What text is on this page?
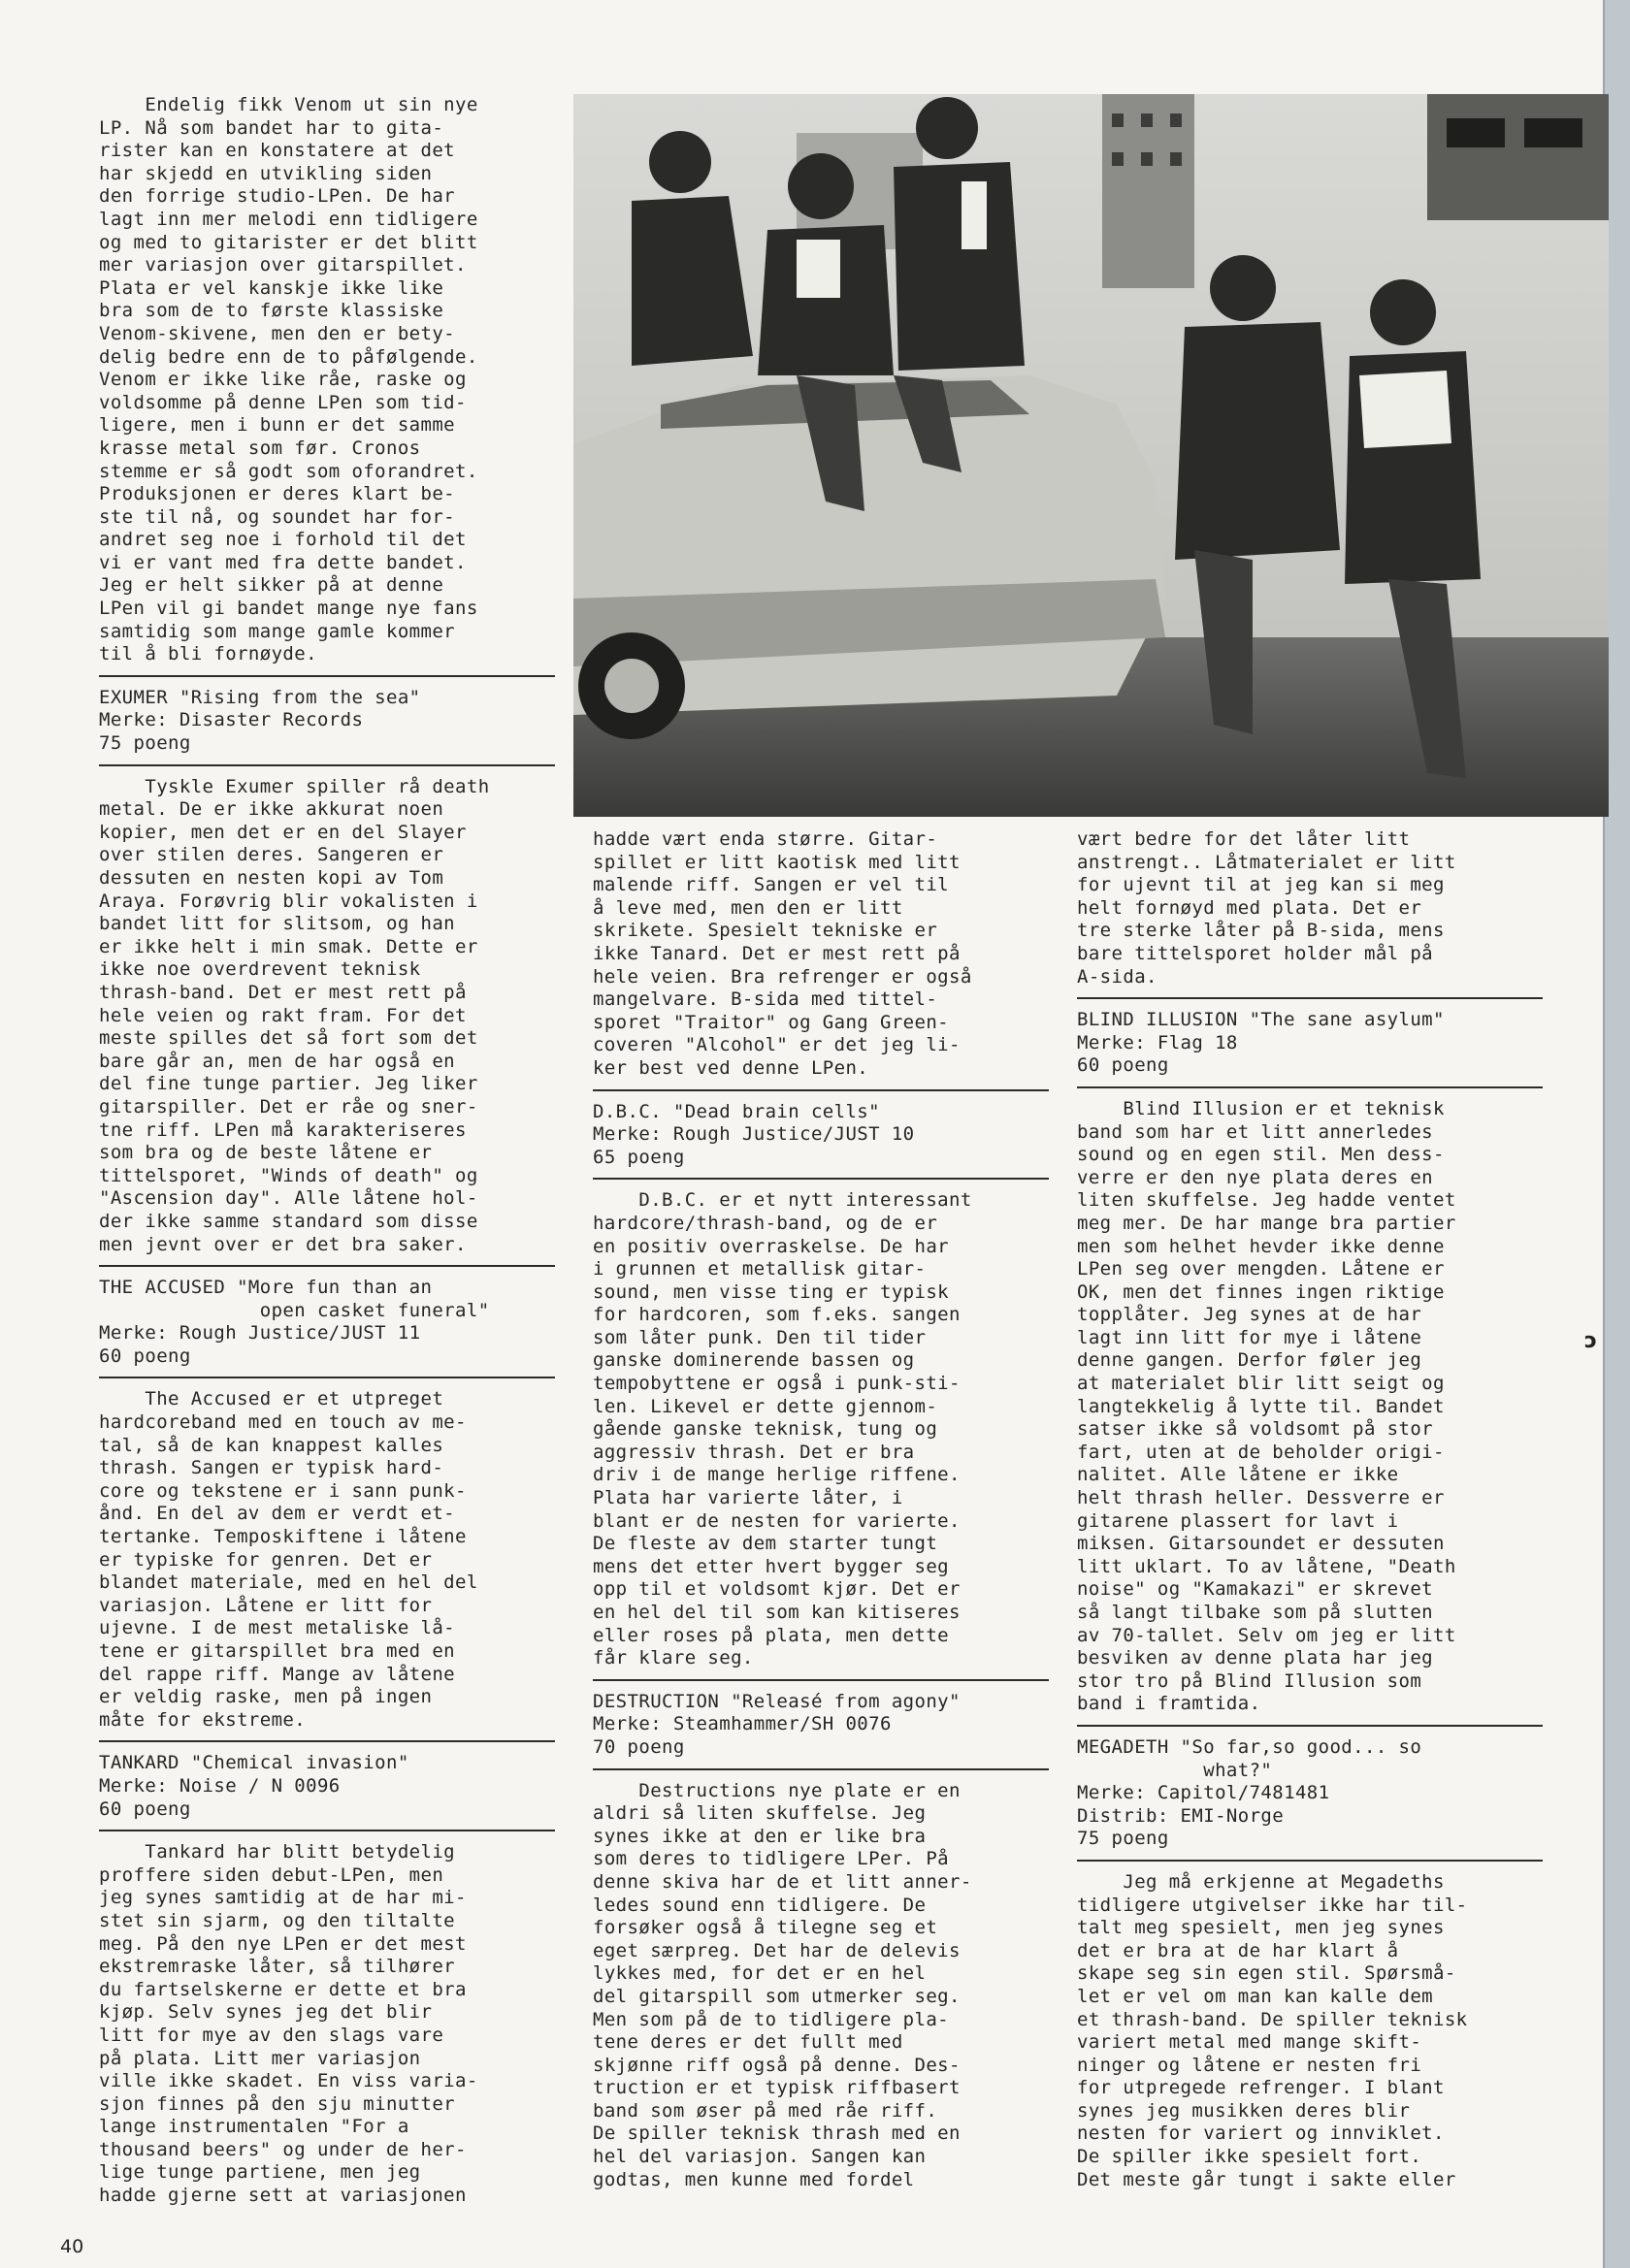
Endelig fikk Venom ut sin nye
LP. Nå som bandet har to gita-
rister kan en konstatere at det
har skjedd en utvikling siden
den forrige studio-LPen. De har
lagt inn mer melodi enn tidligere
og med to gitarister er det blitt
mer variasjon over gitarspillet.
Plata er vel kanskje ikke like
bra som de to første klassiske
Venom-skivene, men den er bety-
delig bedre enn de to påfølgende.
Venom er ikke like råe, raske og
voldsomme på denne LPen som tid-
ligere, men i bunn er det samme
krasse metal som før. Cronos
stemme er så godt som oforandret.
Produksjonen er deres klart be-
ste til nå, og soundet har for-
andret seg noe i forhold til det
vi er vant med fra dette bandet.
Jeg er helt sikker på at denne
LPen vil gi bandet mange nye fans
samtidig som mange gamle kommer
til å bli fornøyde.

EXUMER "Rising from the sea"
Merke: Disaster Records
75 poeng

Tyskle Exumer spiller rå death
metal. De er ikke akkurat noen
kopier, men det er en del Slayer
over stilen deres. Sangeren er
dessuten en nesten kopi av Tom
Araya. Forøvrig blir vokalisten i
bandet litt for slitsom, og han
er ikke helt i min smak. Dette er
ikke noe overdrevent teknisk
thrash-band. Det er mest rett på
hele veien og rakt fram. For det
meste spilles det så fort som det
bare går an, men de har også en
del fine tunge partier. Jeg liker
gitarspiller. Det er råe og sner-
tne riff. LPen må karakteriseres
som bra og de beste låtene er
tittelsporet, "Winds of death" og
"Ascension day". Alle låtene hol-
der ikke samme standard som disse
men jevnt over er det bra saker.

THE ACCUSED "More fun than an
open casket funeral"
Merke: Rough Justice/JUST 11
60 poeng

The Accused er et utpreget
hardcoreband med en touch av me-
tal, så de kan knappest kalles
thrash. Sangen er typisk hard-
core og tekstene er i sann punk-
ånd. En del av dem er verdt et-
tertanke. Temposkiftene i låtene
er typiske for genren. Det er
blandet materiale, med en hel del
variasjon. Låtene er litt for
ujevne. I de mest metaliske lå-
tene er gitarspillet bra med en
del rappe riff. Mange av låtene
er veldig raske, men på ingen
måte for ekstreme.

TANKARD "Chemical invasion"
Merke: Noise / N 0096
60 poeng

Tankard har blitt betydelig
proffere siden debut-LPen, men
jeg synes samtidig at de har mi-
stet sin sjarm, og den tiltalte
meg. På den nye LPen er det mest
ekstremraske låter, så tilhører
du fartselskerne er dette et bra
kjøp. Selv synes jeg det blir
litt for mye av den slags vare
på plata. Litt mer variasjon
ville ikke skadet. En viss varia-
sjon finnes på den sju minutter
lange instrumentalen "For a
thousand beers" og under de her-
lige tunge partiene, men jeg
hadde gjerne sett at variasjonen

hadde vært enda større. Gitar-
spillet er litt kaotisk med litt
malende riff. Sangen er vel til
å leve med, men den er litt
skrikete. Spesielt tekniske er
ikke Tanard. Det er mest rett på
hele veien. Bra refrenger er også
mangelvare. B-sida med tittel-
sporet "Traitor" og Gang Green-
coveren "Alcohol" er det jeg li-
ker best ved denne LPen.

D.B.C. "Dead brain cells"
Merke: Rough Justice/JUST 10
65 poeng

D.B.C. er et nytt interessant
hardcore/thrash-band, og de er
en positiv overraskelse. De har
i grunnen et metallisk gitar-
sound, men visse ting er typisk
for hardcoren, som f.eks. sangen
som låter punk. Den til tider
ganske dominerende bassen og
tempobyttene er også i punk-sti-
len. Likevel er dette gjennom-
gående ganske teknisk, tung og
aggressiv thrash. Det er bra
driv i de mange herlige riffene.
Plata har varierte låter, i
blant er de nesten for varierte.
De fleste av dem starter tungt
mens det etter hvert bygger seg
opp til et voldsomt kjør. Det er
en hel del til som kan kitiseres
eller roses på plata, men dette
får klare seg.

DESTRUCTION "Releasé from agony"
Merke: Steamhammer/SH 0076
70 poeng

Destructions nye plate er en
aldri så liten skuffelse. Jeg
synes ikke at den er like bra
som deres to tidligere LPer. På
denne skiva har de et litt anner-
ledes sound enn tidligere. De
forsøker også å tilegne seg et
eget særpreg. Det har de delevis
lykkes med, for det er en hel
del gitarspill som utmerker seg.
Men som på de to tidligere pla-
tene deres er det fullt med
skjønne riff også på denne. Des-
truction er et typisk riffbasert
band som øser på med råe riff.
De spiller teknisk thrash med en
hel del variasjon. Sangen kan
godtas, men kunne med fordel

vært bedre for det låter litt
anstrengt.. Låtmaterialet er litt
for ujevnt til at jeg kan si meg
helt fornøyd med plata. Det er
tre sterke låter på B-sida, mens
bare tittelsporet holder mål på
A-sida.

BLIND ILLUSION "The sane asylum"
Merke: Flag 18
60 poeng

Blind Illusion er et teknisk
band som har et litt annerledes
sound og en egen stil. Men dess-
verre er den nye plata deres en
liten skuffelse. Jeg hadde ventet
meg mer. De har mange bra partier
men som helhet hevder ikke denne
LPen seg over mengden. Låtene er
OK, men det finnes ingen riktige
topplåter. Jeg synes at de har
lagt inn litt for mye i låtene
denne gangen. Derfor føler jeg
at materialet blir litt seigt og
langtekkelig å lytte til. Bandet
satser ikke så voldsomt på stor
fart, uten at de beholder origi-
nalitet. Alle låtene er ikke
helt thrash heller. Dessverre er
gitarene plassert for lavt i
miksen. Gitarsoundet er dessuten
litt uklart. To av låtene, "Death
noise" og "Kamakazi" er skrevet
så langt tilbake som på slutten
av 70-tallet. Selv om jeg er litt
besviken av denne plata har jeg
stor tro på Blind Illusion som
band i framtida.

MEGADETH "So far,so good... so
what?"
Merke: Capitol/7481481
Distrib: EMI-Norge
75 poeng

Jeg må erkjenne at Megadeths
tidligere utgivelser ikke har til-
talt meg spesielt, men jeg synes
det er bra at de har klart å
skape seg sin egen stil. Spørsmå-
let er vel om man kan kalle dem
et thrash-band. De spiller teknisk
variert metal med mange skift-
ninger og låtene er nesten fri
for utpregede refrenger. I blant
synes jeg musikken deres blir
nesten for variert og innviklet.
De spiller ikke spesielt fort.
Det meste går tungt i sakte eller

40
ɔ
